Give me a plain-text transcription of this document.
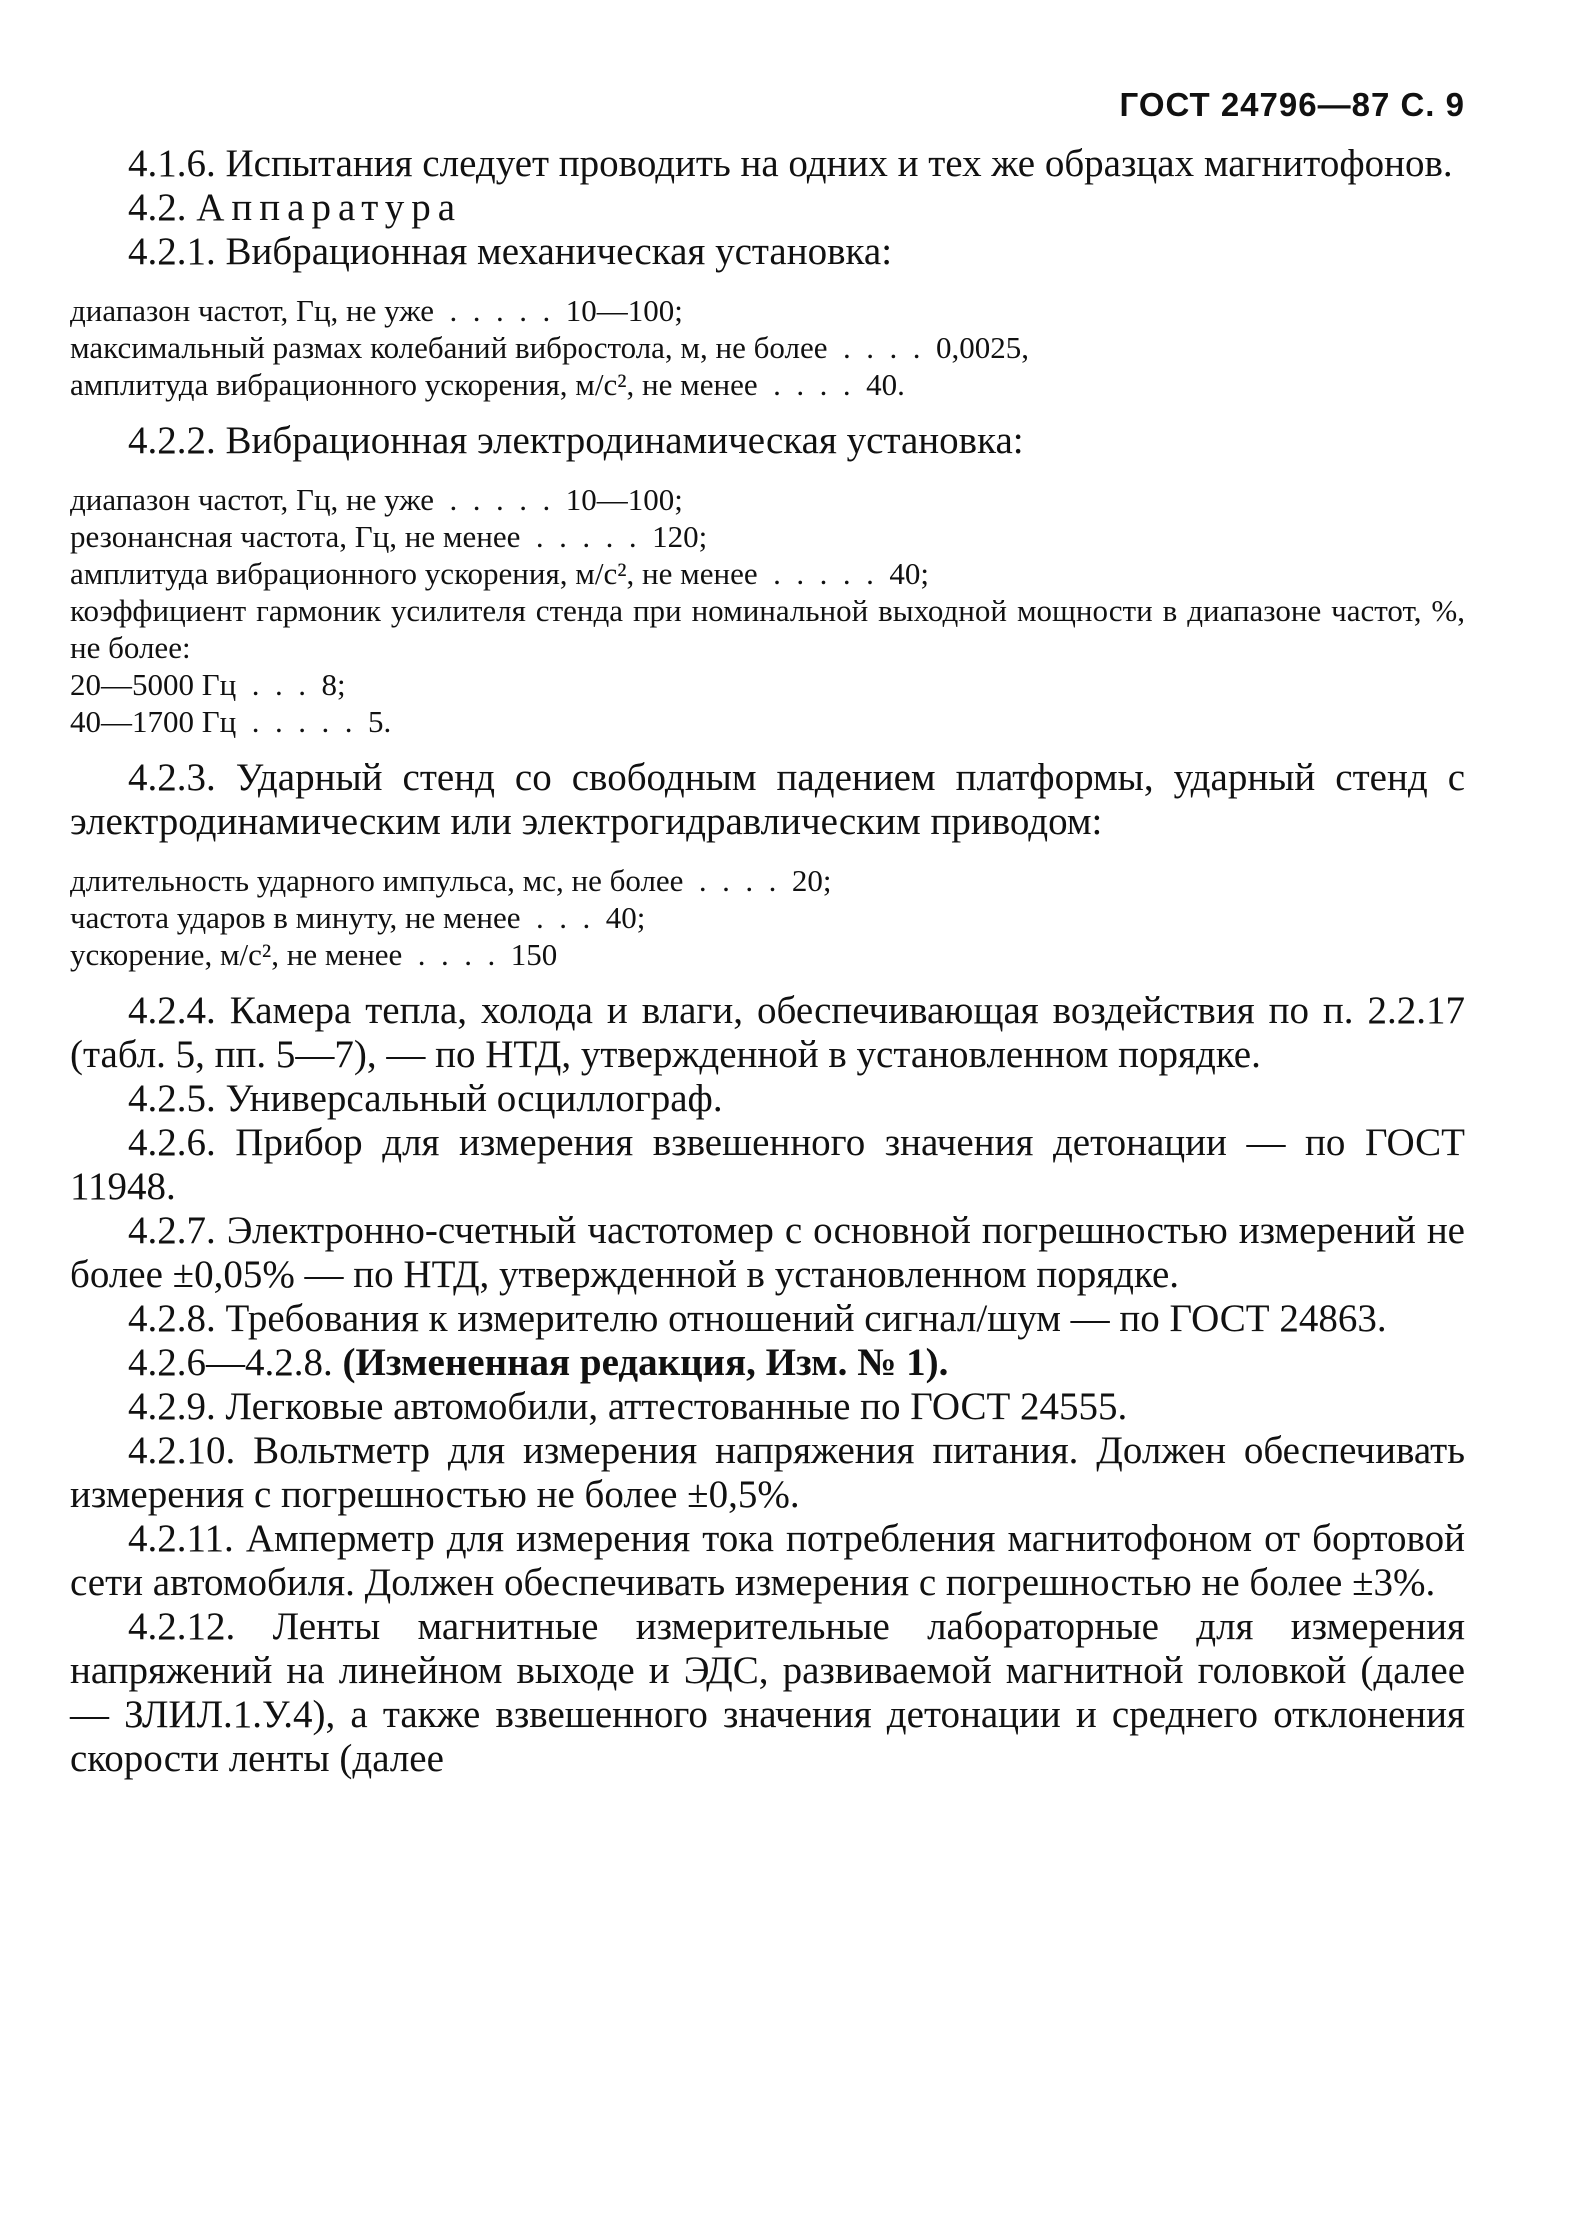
ГОСТ 24796—87 С. 9

4.1.6. Испытания следует проводить на одних и тех же образцах магнитофонов.

4.2. Аппаратура

4.2.1. Вибрационная механическая установка:

диапазон частот, Гц, не уже  .  .  .  .  .  10—100;
максимальный размах колебаний вибростола, м, не более  .  .  .  .  0,0025,
амплитуда вибрационного ускорения, м/с², не менее  .  .  .  .  40.

4.2.2. Вибрационная электродинамическая установка:

диапазон частот, Гц, не уже  .  .  .  .  .  10—100;
резонансная частота, Гц, не менее  .  .  .  .  .  120;
амплитуда вибрационного ускорения, м/с², не менее  .  .  .  .  .  40;
коэффициент гармоник усилителя стенда при номинальной выходной мощности в диапазоне частот, %, не более:
20—5000 Гц  .  .  .  8;
40—1700 Гц  .  .  .  .  .  5.

4.2.3. Ударный стенд со свободным падением платформы, ударный стенд с электродинамическим или электрогидравлическим приводом:

длительность ударного импульса, мс, не более  .  .  .  .  20;
частота ударов в минуту, не менее  .  .  .  40;
ускорение, м/с², не менее  .  .  .  .  150

4.2.4. Камера тепла, холода и влаги, обеспечивающая воздействия по п. 2.2.17 (табл. 5, пп. 5—7), — по НТД, утвержденной в установленном порядке.

4.2.5. Универсальный осциллограф.

4.2.6. Прибор для измерения взвешенного значения детонации — по ГОСТ 11948.

4.2.7. Электронно-счетный частотомер с основной погрешностью измерений не более ±0,05% — по НТД, утвержденной в установленном порядке.

4.2.8. Требования к измерителю отношений сигнал/шум — по ГОСТ 24863.

4.2.6—4.2.8. (Измененная редакция, Изм. № 1).

4.2.9. Легковые автомобили, аттестованные по ГОСТ 24555.

4.2.10. Вольтметр для измерения напряжения питания. Должен обеспечивать измерения с погрешностью не более ±0,5%.

4.2.11. Амперметр для измерения тока потребления магнитофоном от бортовой сети автомобиля. Должен обеспечивать измерения с погрешностью не более ±3%.

4.2.12. Ленты магнитные измерительные лабораторные для измерения напряжений на линейном выходе и ЭДС, развиваемой магнитной головкой (далее — ЗЛИЛ.1.У.4), а также взвешенного значения детонации и среднего отклонения скорости ленты (далее
